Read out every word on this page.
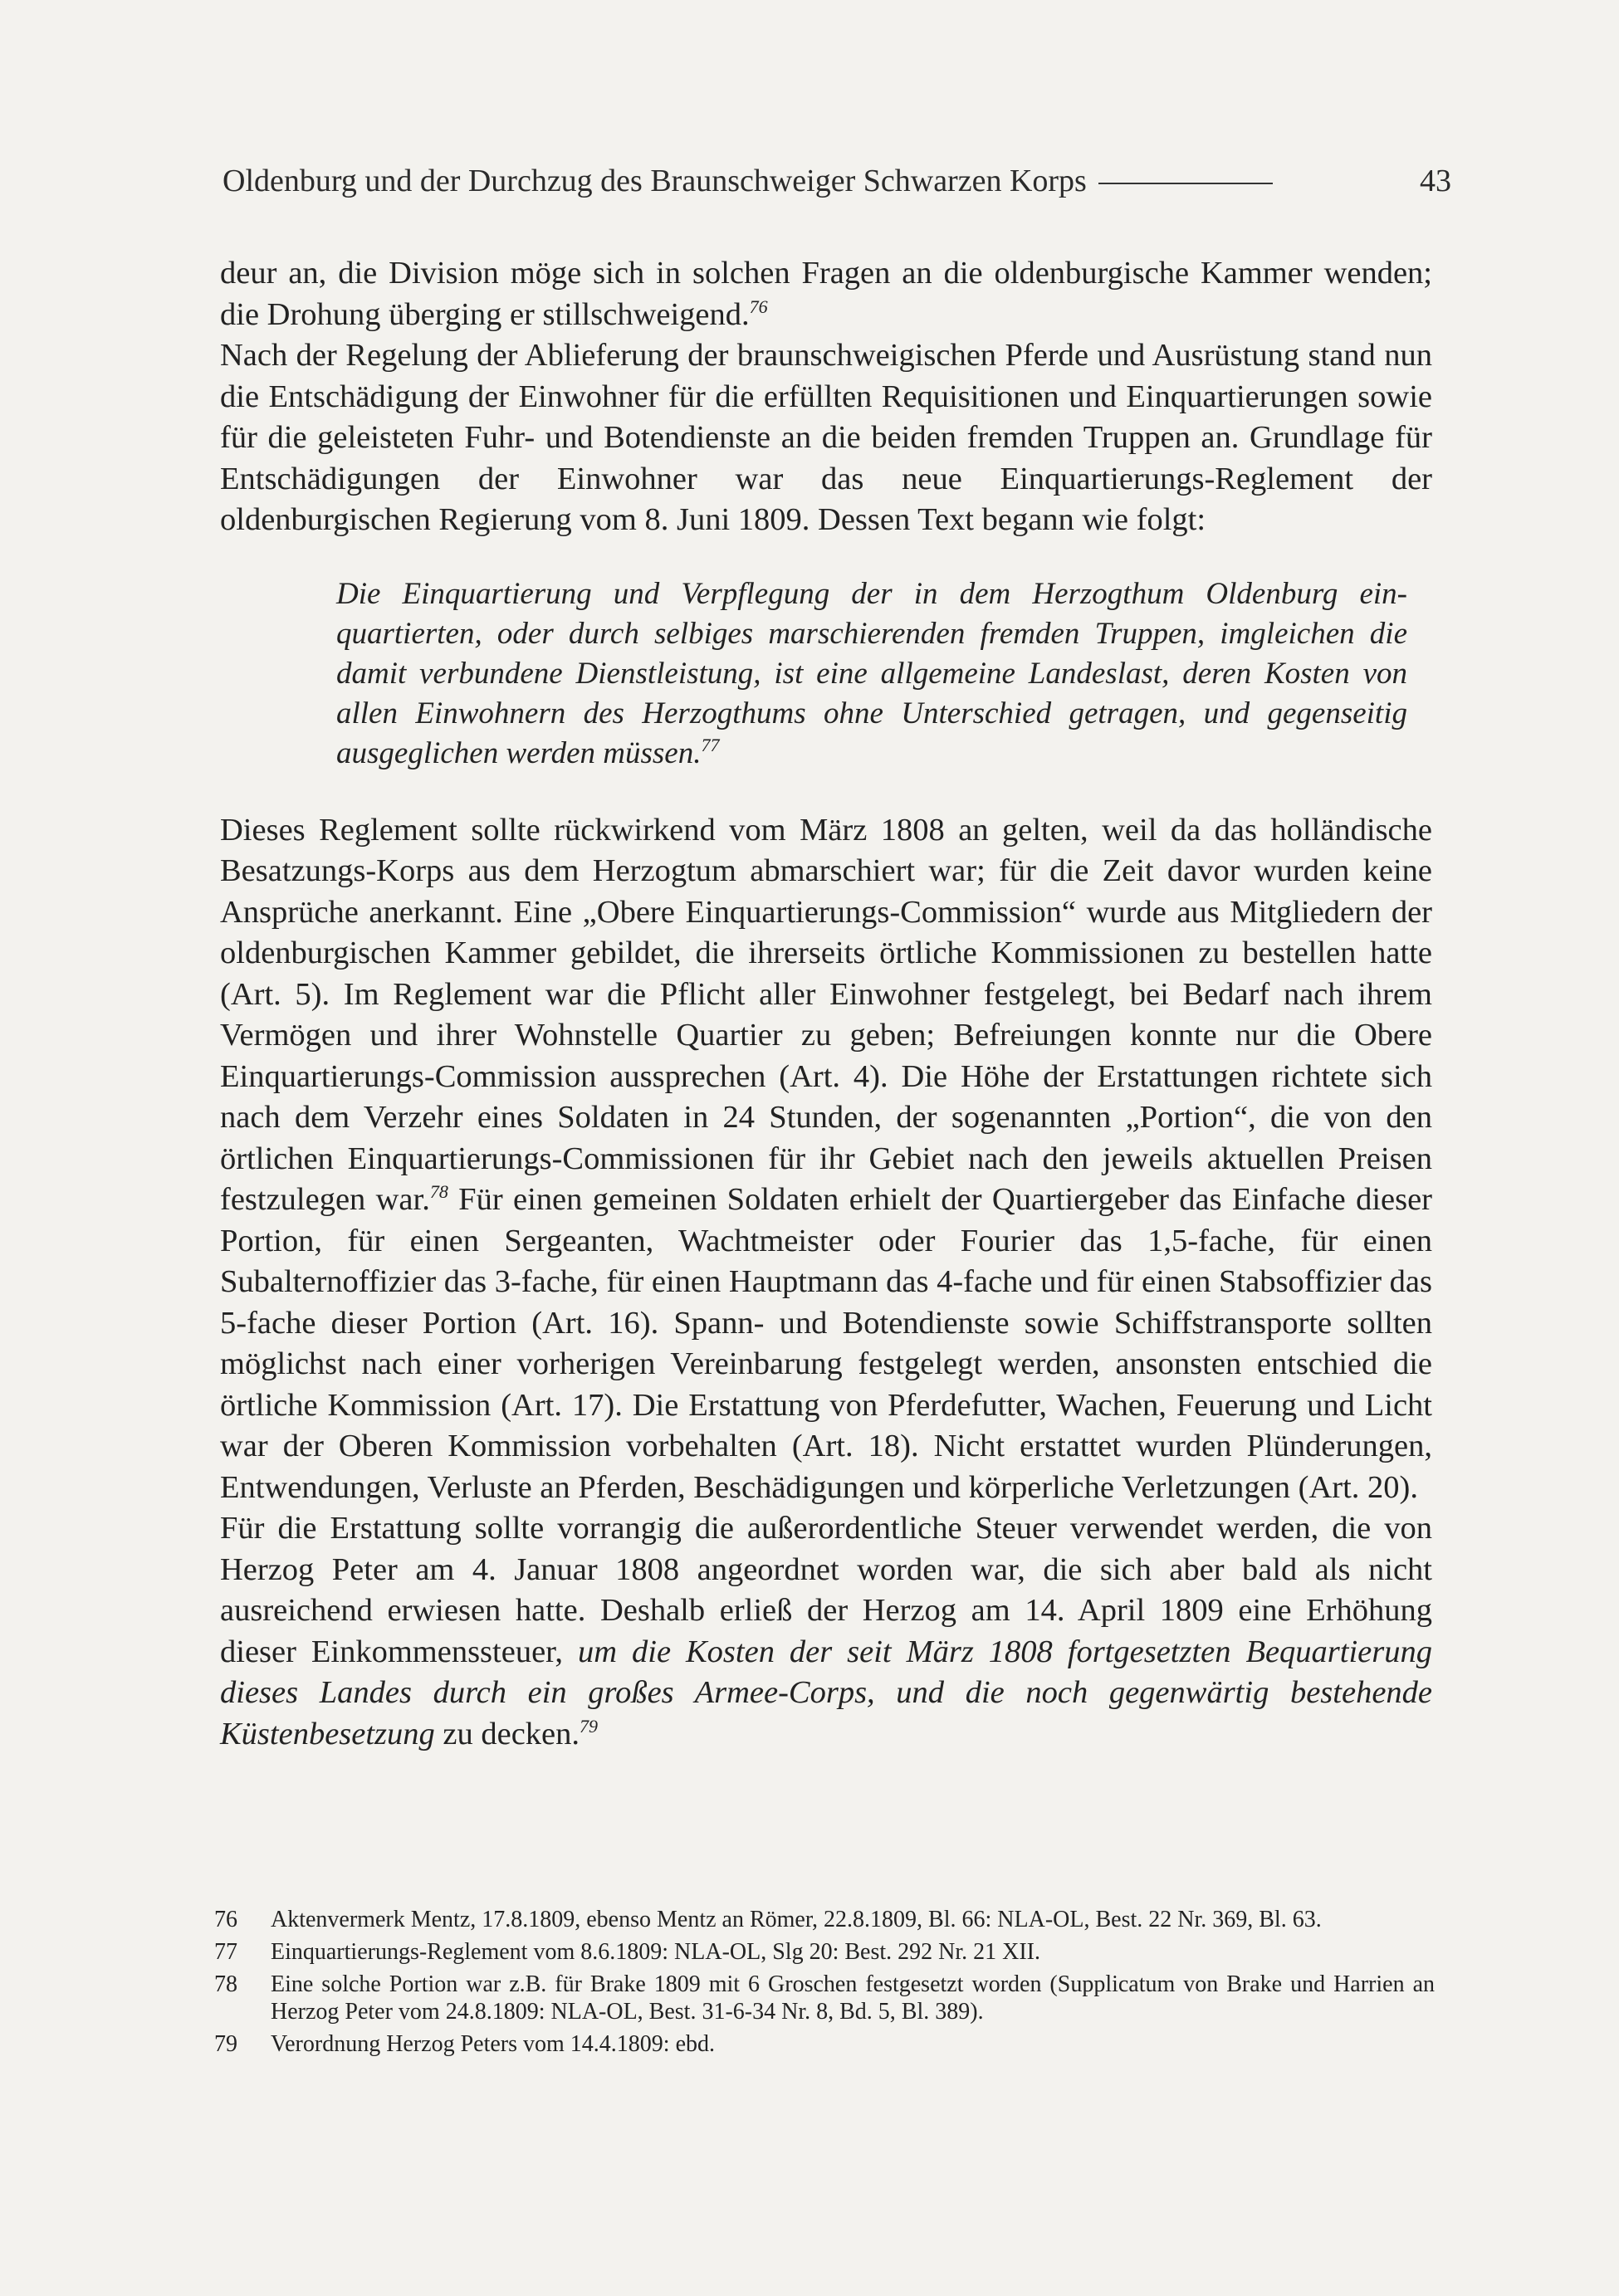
Oldenburg und der Durchzug des Braunschweiger Schwarzen Korps	43

deur an, die Division möge sich in solchen Fragen an die oldenburgische Kammer wenden; die Drohung überging er stillschweigend.$^{76}$

Nach der Regelung der Ablieferung der braunschweigischen Pferde und Ausrüstung stand nun die Entschädigung der Einwohner für die erfüllten Requisitionen und Einquartierungen sowie für die geleisteten Fuhr- und Botendienste an die beiden fremden Truppen an. Grundlage für Entschädigungen der Einwohner war das neue Einquartierungs-Reglement der oldenburgischen Regierung vom 8. Juni 1809. Dessen Text begann wie folgt:

Die Einquartierung und Verpflegung der in dem Herzogthum Oldenburg einquartierten, oder durch selbiges marschierenden fremden Truppen, imgleichen die damit verbundene Dienstleistung, ist eine allgemeine Landeslast, deren Kosten von allen Einwohnern des Herzogthums ohne Unterschied getragen, und gegenseitig ausgeglichen werden müssen.$^{77}$

Dieses Reglement sollte rückwirkend vom März 1808 an gelten, weil da das holländische Besatzungs-Korps aus dem Herzogtum abmarschiert war; für die Zeit davor wurden keine Ansprüche anerkannt. Eine „Obere Einquartierungs-Commission“ wurde aus Mitgliedern der oldenburgischen Kammer gebildet, die ihrerseits örtliche Kommissionen zu bestellen hatte (Art. 5). Im Reglement war die Pflicht aller Einwohner festgelegt, bei Bedarf nach ihrem Vermögen und ihrer Wohnstelle Quartier zu geben; Befreiungen konnte nur die Obere Einquartierungs-Commission aussprechen (Art. 4). Die Höhe der Erstattungen richtete sich nach dem Verzehr eines Soldaten in 24 Stunden, der sogenannten „Portion“, die von den örtlichen Einquartierungs-Commissionen für ihr Gebiet nach den jeweils aktuellen Preisen festzulegen war.$^{78}$ Für einen gemeinen Soldaten erhielt der Quartiergeber das Einfache dieser Portion, für einen Sergeanten, Wachtmeister oder Fourier das 1,5-fache, für einen Subalternoffizier das 3-fache, für einen Hauptmann das 4-fache und für einen Stabsoffizier das 5-fache dieser Portion (Art. 16). Spann- und Botendienste sowie Schiffstransporte sollten möglichst nach einer vorherigen Vereinbarung festgelegt werden, ansonsten entschied die örtliche Kommission (Art. 17). Die Erstattung von Pferdefutter, Wachen, Feuerung und Licht war der Oberen Kommission vorbehalten (Art. 18). Nicht erstattet wurden Plünderungen, Entwendungen, Verluste an Pferden, Beschädigungen und körperliche Verletzungen (Art. 20).

Für die Erstattung sollte vorrangig die außerordentliche Steuer verwendet werden, die von Herzog Peter am 4. Januar 1808 angeordnet worden war, die sich aber bald als nicht ausreichend erwiesen hatte. Deshalb erließ der Herzog am 14. April 1809 eine Erhöhung dieser Einkommenssteuer, um die Kosten der seit März 1808 fortgesetzten Bequartierung dieses Landes durch ein großes Armee-Corps, und die noch gegenwärtig bestehende Küstenbesetzung zu decken.$^{79}$

76	Aktenvermerk Mentz, 17.8.1809, ebenso Mentz an Römer, 22.8.1809, Bl. 66: NLA-OL, Best. 22 Nr. 369, Bl. 63.
77	Einquartierungs-Reglement vom 8.6.1809: NLA-OL, Slg 20: Best. 292 Nr. 21 XII.
78	Eine solche Portion war z.B. für Brake 1809 mit 6 Groschen festgesetzt worden (Supplicatum von Brake und Harrien an Herzog Peter vom 24.8.1809: NLA-OL, Best. 31-6-34 Nr. 8, Bd. 5, Bl. 389).
79	Verordnung Herzog Peters vom 14.4.1809: ebd.
